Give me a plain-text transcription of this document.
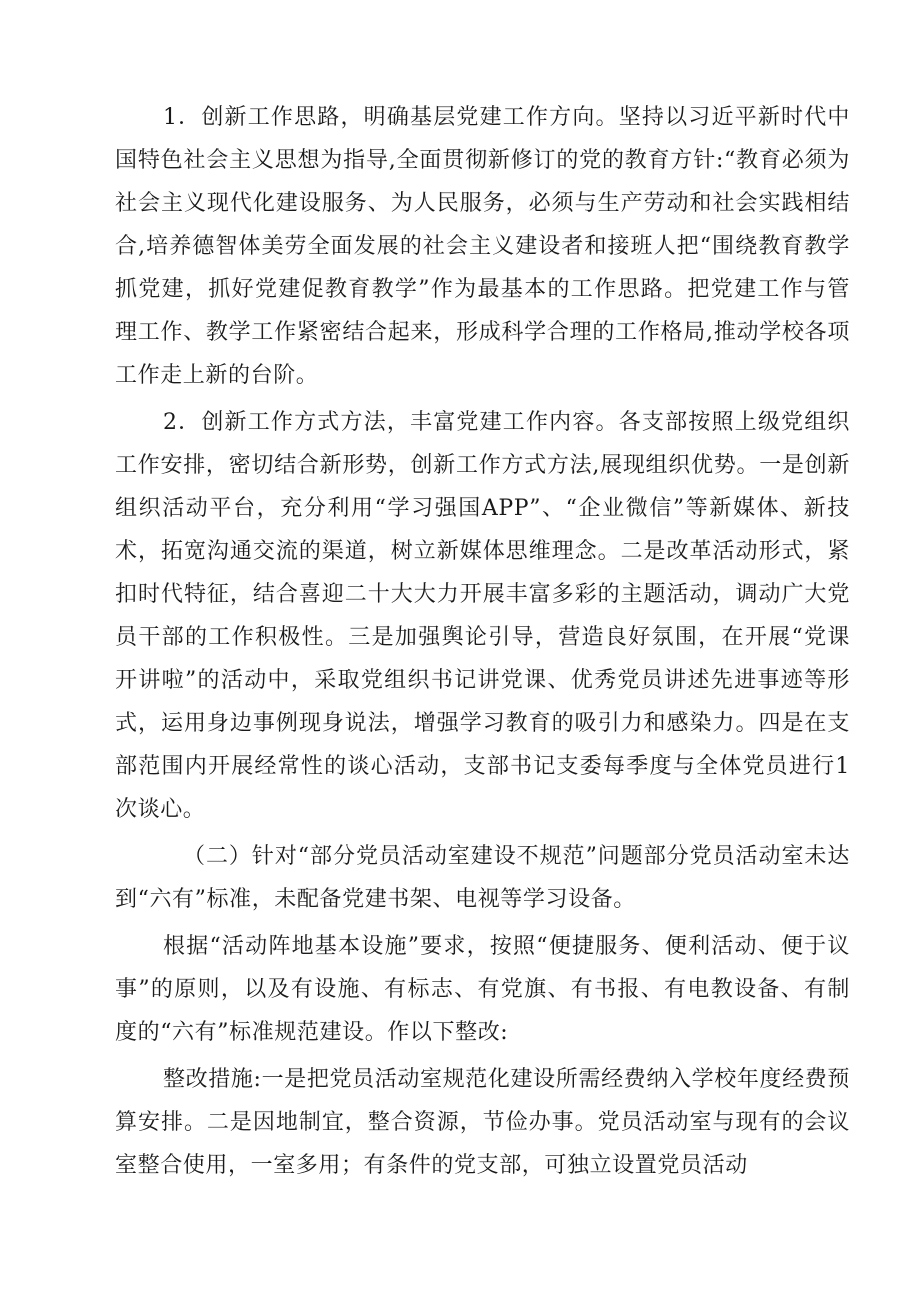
1．创新工作思路，明确基层党建工作方向。坚持以习近平新时代中国特色社会主义思想为指导,全面贯彻新修订的党的教育方针:“教育必须为社会主义现代化建设服务、为人民服务，必须与生产劳动和社会实践相结合,培养德智体美劳全面发展的社会主义建设者和接班人把“围绕教育教学抓党建，抓好党建促教育教学”作为最基本的工作思路。把党建工作与管理工作、教学工作紧密结合起来，形成科学合理的工作格局,推动学校各项工作走上新的台阶。

2．创新工作方式方法，丰富党建工作内容。各支部按照上级党组织工作安排，密切结合新形势，创新工作方式方法,展现组织优势。一是创新组织活动平台，充分利用“学习强国APP”、“企业微信”等新媒体、新技术，拓宽沟通交流的渠道，树立新媒体思维理念。二是改革活动形式，紧扣时代特征，结合喜迎二十大大力开展丰富多彩的主题活动，调动广大党员干部的工作积极性。三是加强舆论引导，营造良好氛围，在开展“党课开讲啦”的活动中，采取党组织书记讲党课、优秀党员讲述先进事迹等形式，运用身边事例现身说法，增强学习教育的吸引力和感染力。四是在支部范围内开展经常性的谈心活动，支部书记支委每季度与全体党员进行1次谈心。

（二）针对“部分党员活动室建设不规范”问题部分党员活动室未达到“六有”标准，未配备党建书架、电视等学习设备。

根据“活动阵地基本设施”要求，按照“便捷服务、便利活动、便于议事”的原则，以及有设施、有标志、有党旗、有书报、有电教设备、有制度的“六有”标准规范建设。作以下整改:

整改措施:一是把党员活动室规范化建设所需经费纳入学校年度经费预算安排。二是因地制宜，整合资源，节俭办事。党员活动室与现有的会议室整合使用，一室多用；有条件的党支部，可独立设置党员活动
